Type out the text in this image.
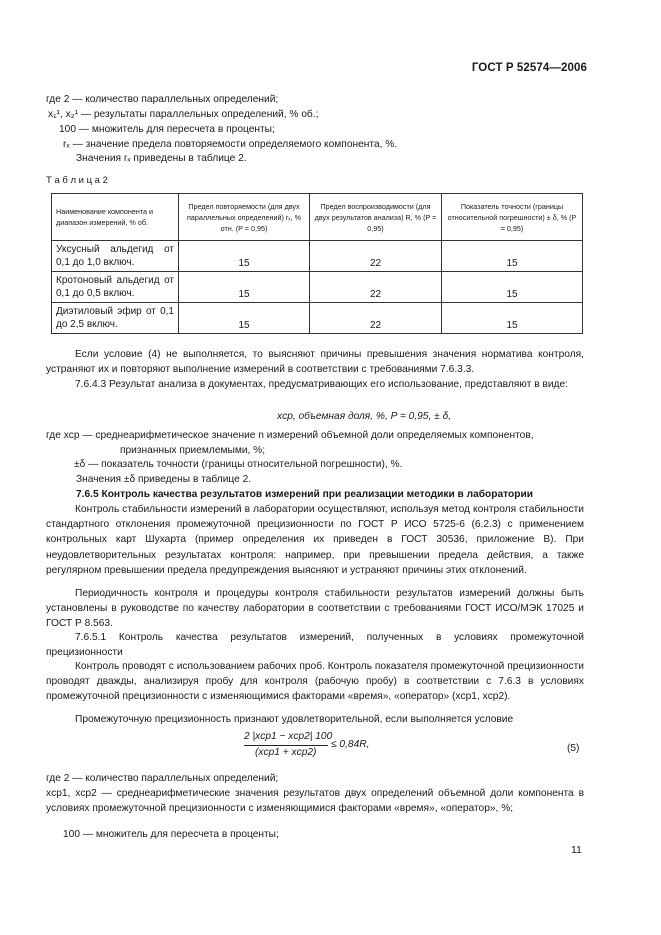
ГОСТ Р 52574—2006
где 2 — количество параллельных определений;
x₁¹, x₂¹ — результаты параллельных определений, % об.;
100 — множитель для пересчета в проценты;
rₓ — значение предела повторяемости определяемого компонента, %.
Значения rₓ приведены в таблице 2.
Т а б л и ц а 2
Наименование компонента и диапазон измерений, % об.	Предел повторяемости (для двух параллельных определений) rₓ, % отн. (P = 0,95)	Предел воспроизводимости (для двух результатов анализа) R, % (P = 0,95)	Показатель точности (границы относительной погрешности) ± δ, % (P = 0,95)
Уксусный альдегид от 0,1 до 1,0 включ.	15	22	15
Кротоновый альдегид от 0,1 до 0,5 включ.	15	22	15
Диэтиловый эфир от 0,1 до 2,5 включ.	15	22	15
Если условие (4) не выполняется, то выясняют причины превышения значения норматива контроля, устраняют их и повторяют выполнение измерений в соответствии с требованиями 7.6.3.3.
7.6.4.3 Результат анализа в документах, предусматривающих его использование, представляют в виде:
xср, объемная доля, %, P = 0,95, ± δ,
где xср — среднеарифметическое значение n измерений объемной доли определяемых компонентов,
признанных приемлемыми, %;
±δ — показатель точности (границы относительной погрешности), %.
Значения ±δ приведены в таблице 2.
7.6.5 Контроль качества результатов измерений при реализации методики в лаборатории
Контроль стабильности измерений в лаборатории осуществляют, используя метод контроля стабильности стандартного отклонения промежуточной прецизионности по ГОСТ Р ИСО 5725-6 (6.2.3) с применением контрольных карт Шухарта (пример определения их приведен в ГОСТ 30536, приложение В). При неудовлетворительных результатах контроля: например, при превышении предела действия, а также регулярном превышении предела предупреждения выясняют и устраняют причины этих отклонений.
Периодичность контроля и процедуры контроля стабильности результатов измерений должны быть установлены в руководстве по качеству лаборатории в соответствии с требованиями ГОСТ ИСО/МЭК 17025 и ГОСТ Р 8.563.
7.6.5.1 Контроль качества результатов измерений, полученных в условиях промежуточной прецизионности
Контроль проводят с использованием рабочих проб. Контроль показателя промежуточной прецизионности проводят дважды, анализируя пробу для контроля (рабочую пробу) в соответствии с 7.6.3 в условиях промежуточной прецизионности с изменяющимися факторами «время», «оператор» (xср1, xср2).
Промежуточную прецизионность признают удовлетворительной, если выполняется условие
2 |xср1 − xср2| 100
(xср1 + xср2)
≤ 0,84R,	(5)
где 2 — количество параллельных определений;
xср1, xср2 — среднеарифметические значения результатов двух определений объемной доли компонента в условиях промежуточной прецизионности с изменяющимися факторами «время», «оператор», %;
100 — множитель для пересчета в проценты;
11
